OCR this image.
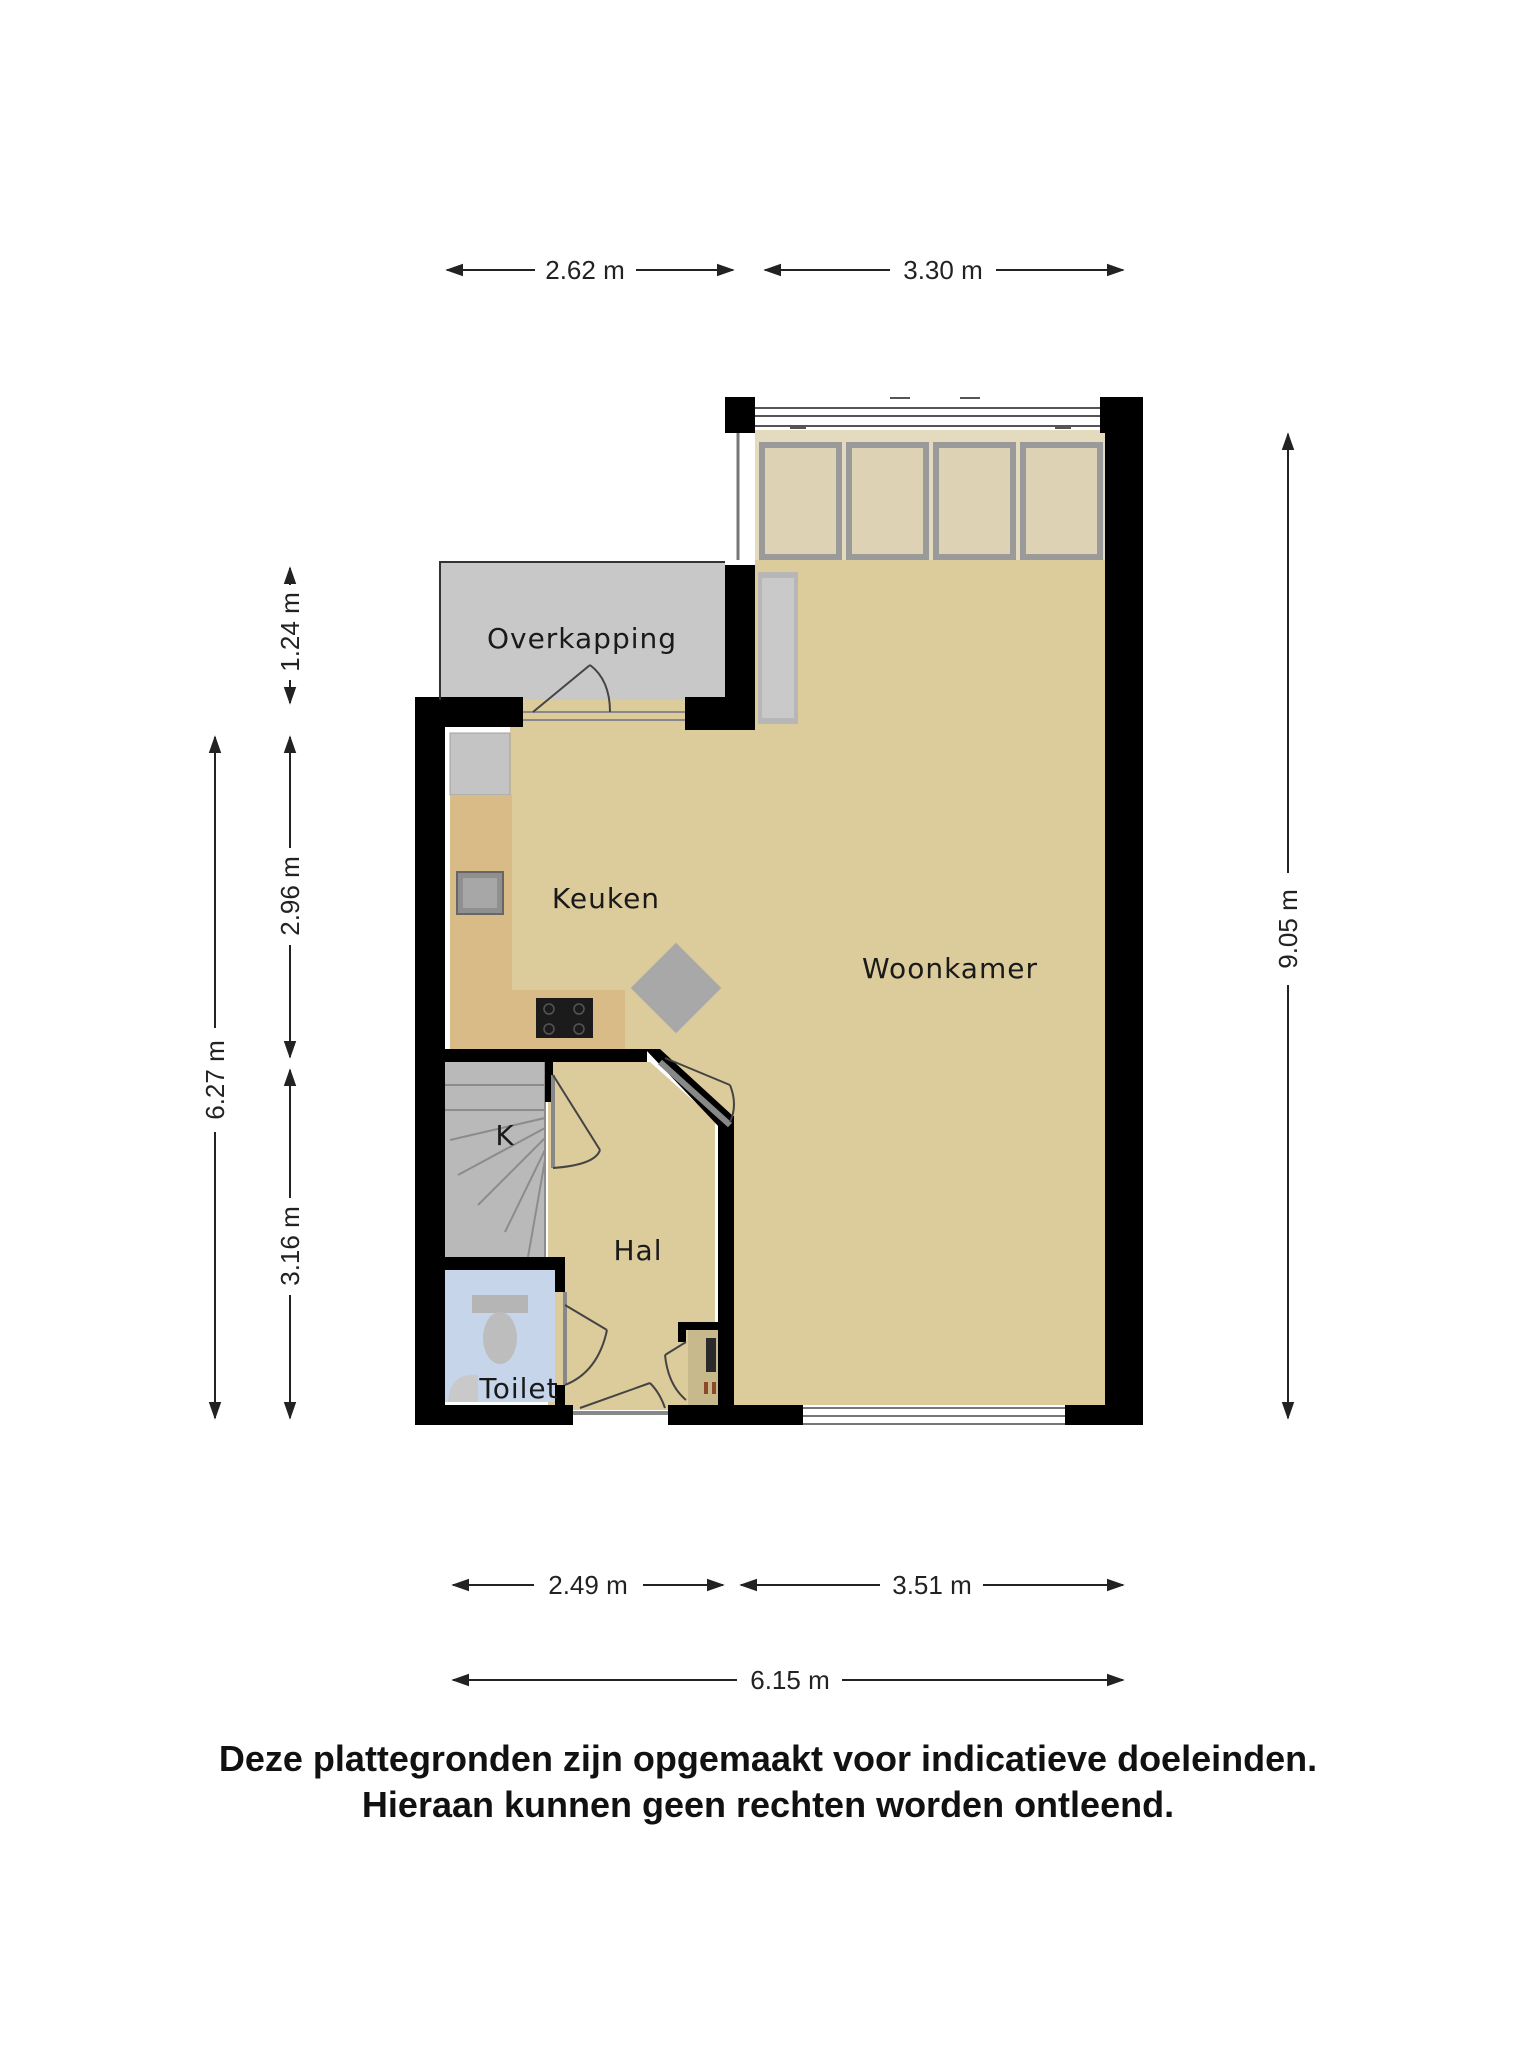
Overkapping
Keuken
Woonkamer
K
Hal
Toilet
2.62 m	3.30 m
2.49 m	3.51 m
6.15 m
9.05 m
6.27 m
1.24 m
2.96 m
3.16 m
Deze plattegronden zijn opgemaakt voor indicatieve doeleinden.
Hieraan kunnen geen rechten worden ontleend.
